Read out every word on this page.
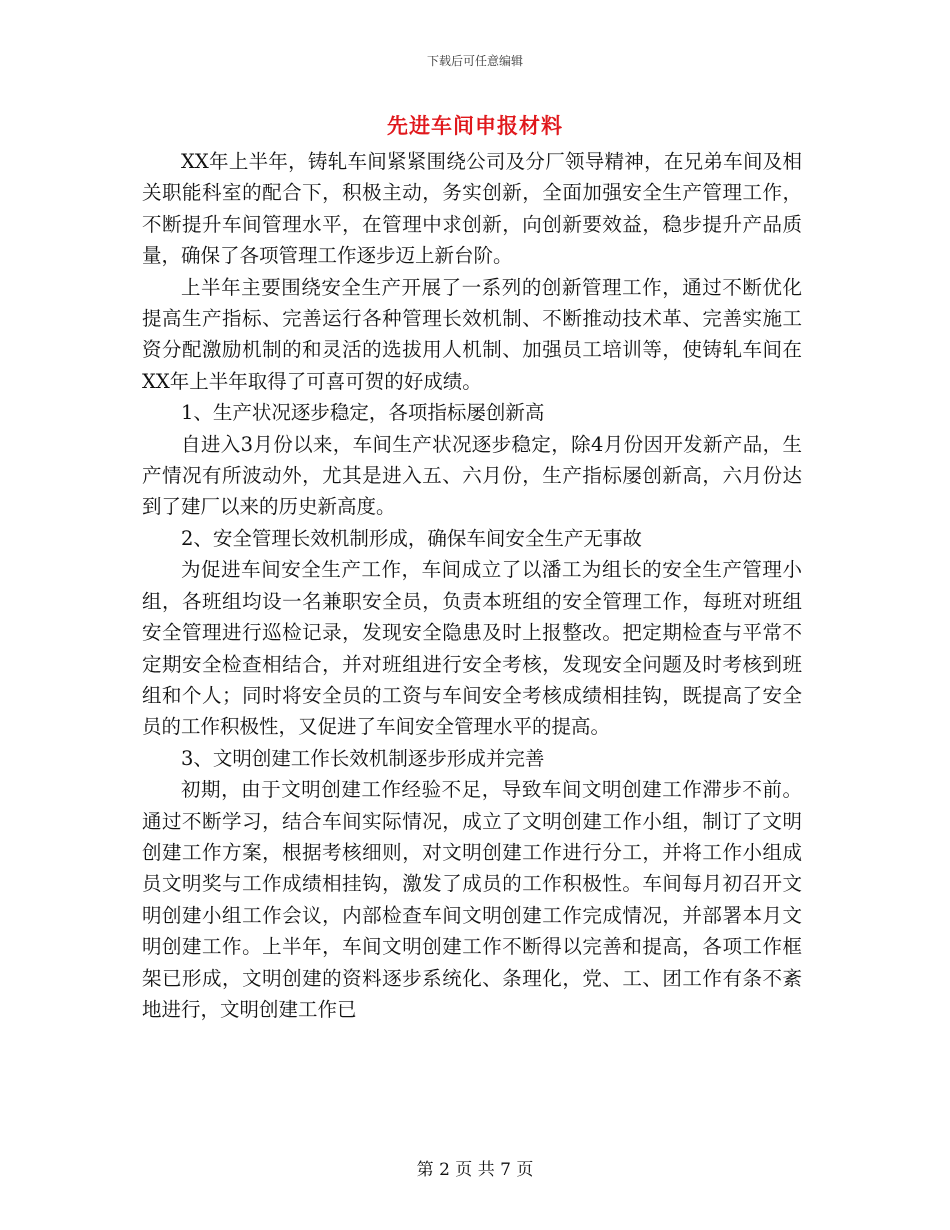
下载后可任意编辑
先进车间申报材料

XX年上半年，铸轧车间紧紧围绕公司及分厂领导精神，在兄弟车间及相关职能科室的配合下，积极主动，务实创新，全面加强安全生产管理工作，不断提升车间管理水平，在管理中求创新，向创新要效益，稳步提升产品质量，确保了各项管理工作逐步迈上新台阶。

上半年主要围绕安全生产开展了一系列的创新管理工作，通过不断优化提高生产指标、完善运行各种管理长效机制、不断推动技术革、完善实施工资分配激励机制的和灵活的选拔用人机制、加强员工培训等，使铸轧车间在XX年上半年取得了可喜可贺的好成绩。

1、生产状况逐步稳定，各项指标屡创新高

自进入3月份以来，车间生产状况逐步稳定，除4月份因开发新产品，生产情况有所波动外，尤其是进入五、六月份，生产指标屡创新高，六月份达到了建厂以来的历史新高度。

2、安全管理长效机制形成，确保车间安全生产无事故

为促进车间安全生产工作，车间成立了以潘工为组长的安全生产管理小组，各班组均设一名兼职安全员，负责本班组的安全管理工作，每班对班组安全管理进行巡检记录，发现安全隐患及时上报整改。把定期检查与平常不定期安全检查相结合，并对班组进行安全考核，发现安全问题及时考核到班组和个人；同时将安全员的工资与车间安全考核成绩相挂钩，既提高了安全员的工作积极性，又促进了车间安全管理水平的提高。

3、文明创建工作长效机制逐步形成并完善

初期，由于文明创建工作经验不足，导致车间文明创建工作滞步不前。通过不断学习，结合车间实际情况，成立了文明创建工作小组，制订了文明创建工作方案，根据考核细则，对文明创建工作进行分工，并将工作小组成员文明奖与工作成绩相挂钩，激发了成员的工作积极性。车间每月初召开文明创建小组工作会议，内部检查车间文明创建工作完成情况，并部署本月文明创建工作。上半年，车间文明创建工作不断得以完善和提高，各项工作框架已形成，文明创建的资料逐步系统化、条理化，党、工、团工作有条不紊地进行，文明创建工作已

第 2 页 共 7 页
